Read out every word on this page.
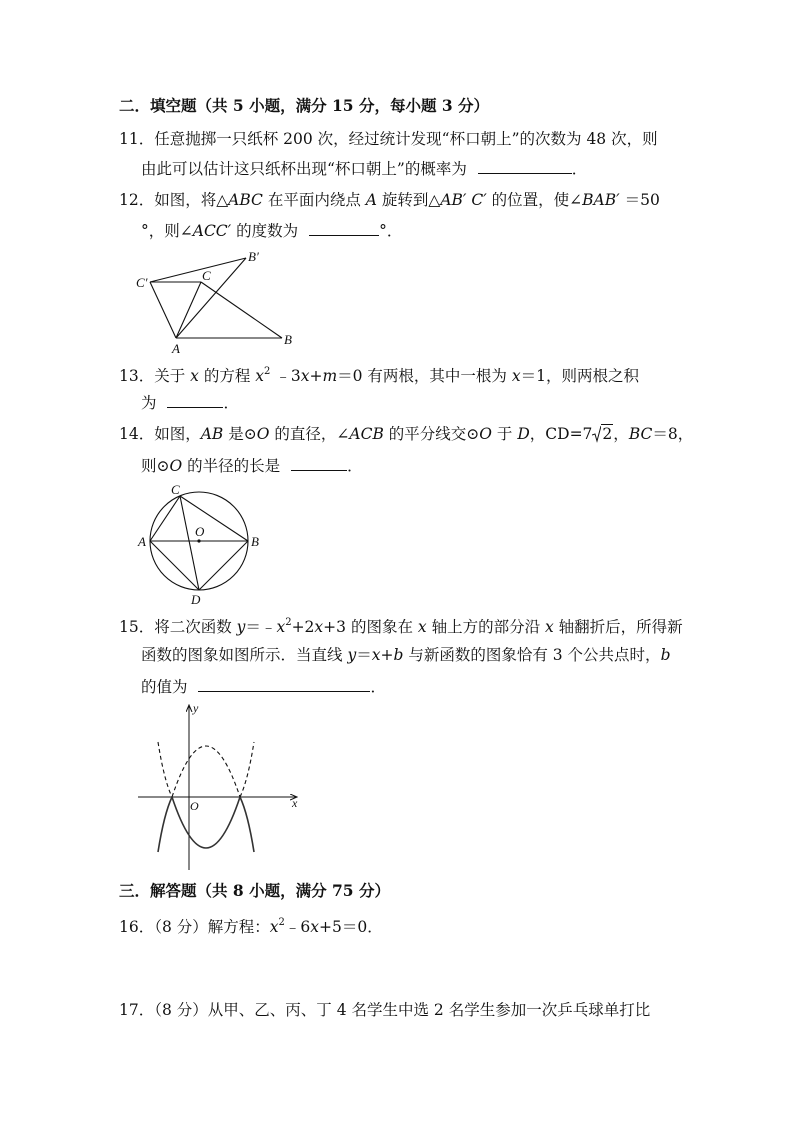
二．填空题（共 5 小题，满分 15 分，每小题 3 分）
11．任意抛掷一只纸杯 200 次，经过统计发现“杯口朝上”的次数为 48 次，则
由此可以估计这只纸杯出现“杯口朝上”的概率为	．
12．如图，将△ABC 在平面内绕点 A 旋转到△AB′ C′ 的位置，使∠BAB′ ＝50
°，则∠ACC′ 的度数为	°．
B′
C′	C
A
B
13．关于 x 的方程 $x^2$ ﹣3x+m＝0 有两根，其中一根为 x＝1，则两根之积
为	．
14．如图，AB 是⊙O 的直径，∠ACB 的平分线交⊙O 于 D，CD=7 2，BC＝8，
则⊙O 的半径的长是	．
C
O
A	B
D
15．将二次函数 $y=﹣x^2+2x+3$ 的图象在 x 轴上方的部分沿 x 轴翻折后，所得新
函数的图象如图所示．当直线 y＝x+b 与新函数的图象恰有 3 个公共点时，b
的值为	．
y
O	x
三．解答题（共 8 小题，满分 75 分）
16．（8 分）解方程：$x^2﹣6x+5=0$．
17．（8 分）从甲、乙、丙、丁 4 名学生中选 2 名学生参加一次乒乓球单打比
